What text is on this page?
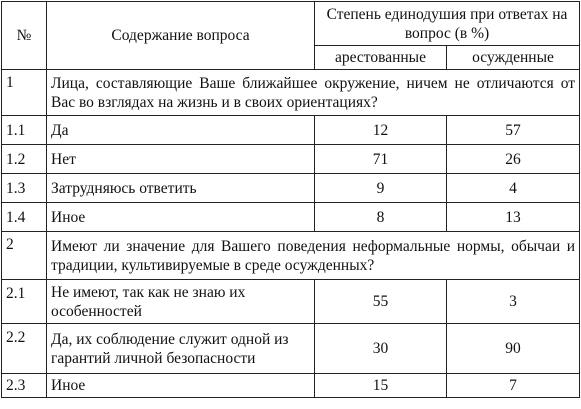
№	Содержание вопроса	Степень единодушия при ответах на вопрос (в %)	
		арестованные	осужденные
1	Лица, составляющие Ваше ближайшее окружение, ничем не отличаются от Вас во взглядах на жизнь и в своих ориентациях?		
1.1	Да	12	57
1.2	Нет	71	26
1.3	Затрудняюсь ответить	9	4
1.4	Иное	8	13
2	Имеют ли значение для Вашего поведения неформальные нормы, обычаи и традиции, культивируемые в среде осужденных?		
2.1	Не имеют, так как не знаю их особенностей	55	3
2.2	Да, их соблюдение служит одной из гарантий личной безопасности	30	90
2.3	Иное	15	7
